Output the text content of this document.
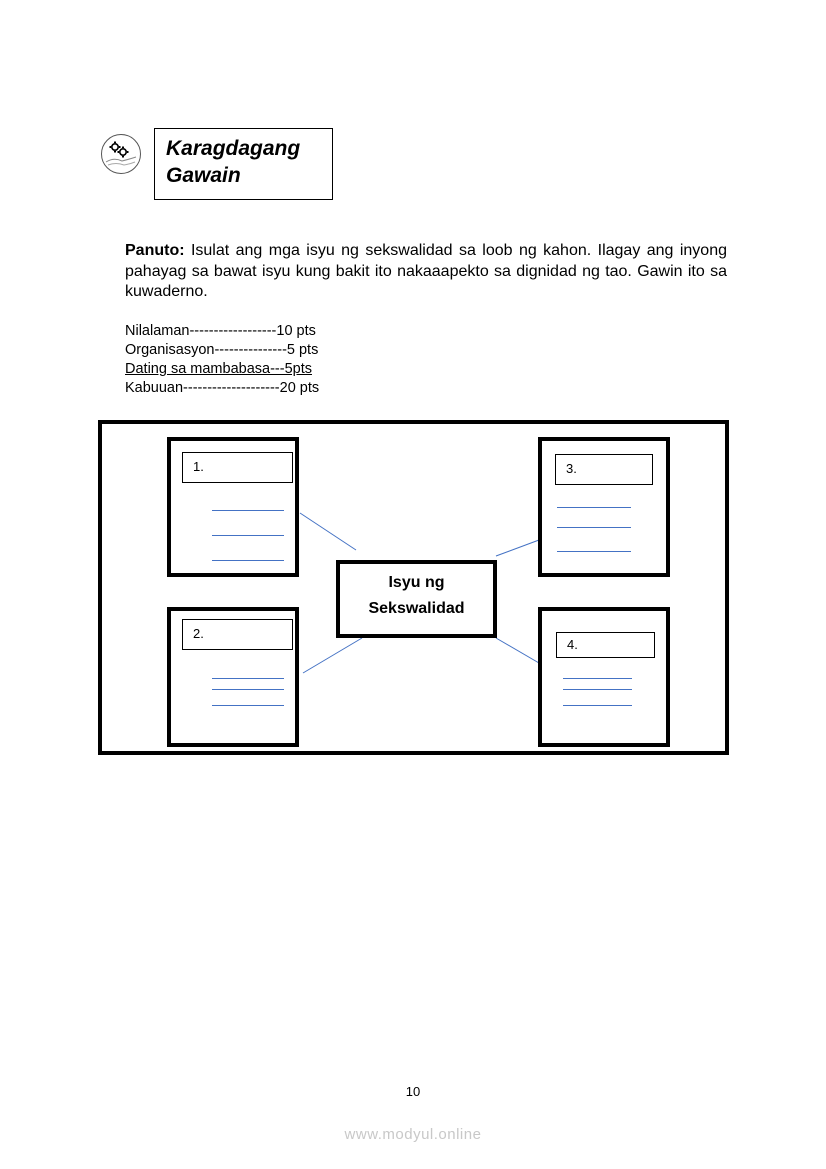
Karagdagang
Gawain
Panuto: Isulat ang mga isyu ng sekswalidad sa loob ng kahon. Ilagay ang inyong pahayag sa bawat isyu kung bakit ito nakaaapekto sa dignidad ng tao. Gawin ito sa kuwaderno.
Nilalaman------------------10 pts
Organisasyon---------------5 pts
Dating sa mambabasa---5pts
Kabuuan--------------------20 pts
1.
2.
3.
4.
Isyu ng
Sekswalidad
10
www.modyul.online
